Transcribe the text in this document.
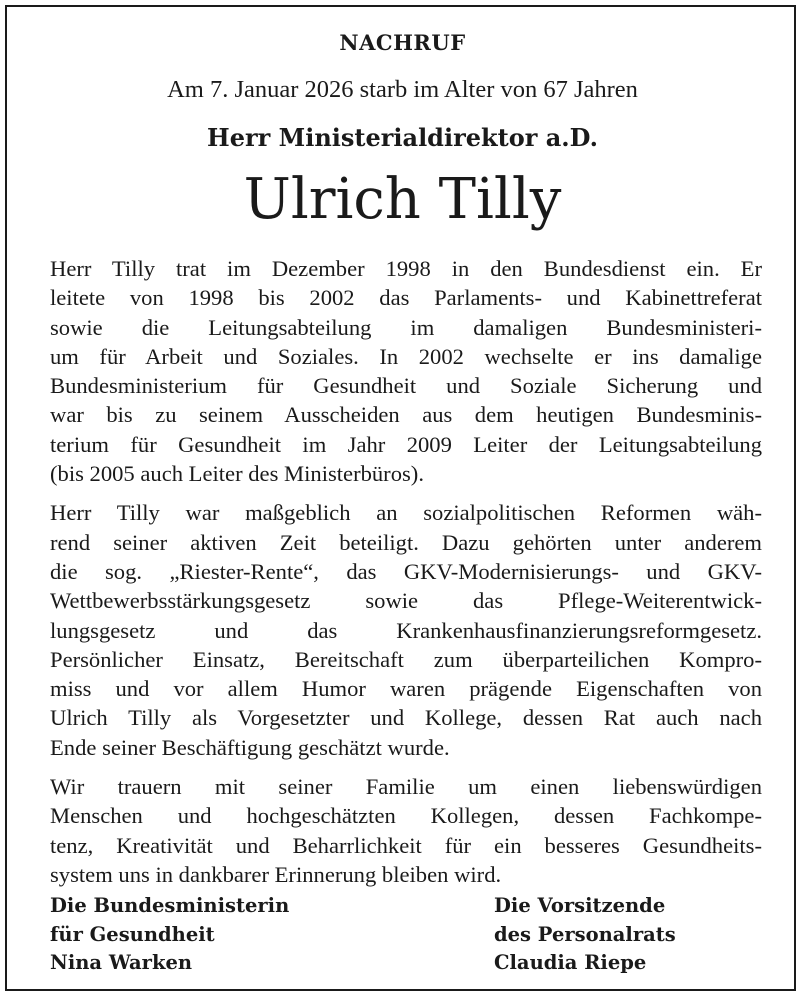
NACHRUF
Am 7. Januar 2026 starb im Alter von 67 Jahren
Herr Ministerialdirektor a.D.
Ulrich Tilly

Herr Tilly trat im Dezember 1998 in den Bundesdienst ein. Er
leitete von 1998 bis 2002 das Parlaments- und Kabinettreferat
sowie die Leitungsabteilung im damaligen Bundesministeri-
um für Arbeit und Soziales. In 2002 wechselte er ins damalige
Bundesministerium für Gesundheit und Soziale Sicherung und
war bis zu seinem Ausscheiden aus dem heutigen Bundesminis-
terium für Gesundheit im Jahr 2009 Leiter der Leitungsabteilung
(bis 2005 auch Leiter des Ministerbüros).

Herr Tilly war maßgeblich an sozialpolitischen Reformen wäh-
rend seiner aktiven Zeit beteiligt. Dazu gehörten unter anderem
die sog. „Riester-Rente“, das GKV-Modernisierungs- und GKV-
Wettbewerbsstärkungsgesetz sowie das Pflege-Weiterentwick-
lungsgesetz und das Krankenhausfinanzierungsreformgesetz.
Persönlicher Einsatz, Bereitschaft zum überparteilichen Kompro-
miss und vor allem Humor waren prägende Eigenschaften von
Ulrich Tilly als Vorgesetzter und Kollege, dessen Rat auch nach
Ende seiner Beschäftigung geschätzt wurde.

Wir trauern mit seiner Familie um einen liebenswürdigen
Menschen und hochgeschätzten Kollegen, dessen Fachkompe-
tenz, Kreativität und Beharrlichkeit für ein besseres Gesundheits-
system uns in dankbarer Erinnerung bleiben wird.

Die Bundesministerin
für Gesundheit
Nina Warken
Die Vorsitzende
des Personalrats
Claudia Riepe
